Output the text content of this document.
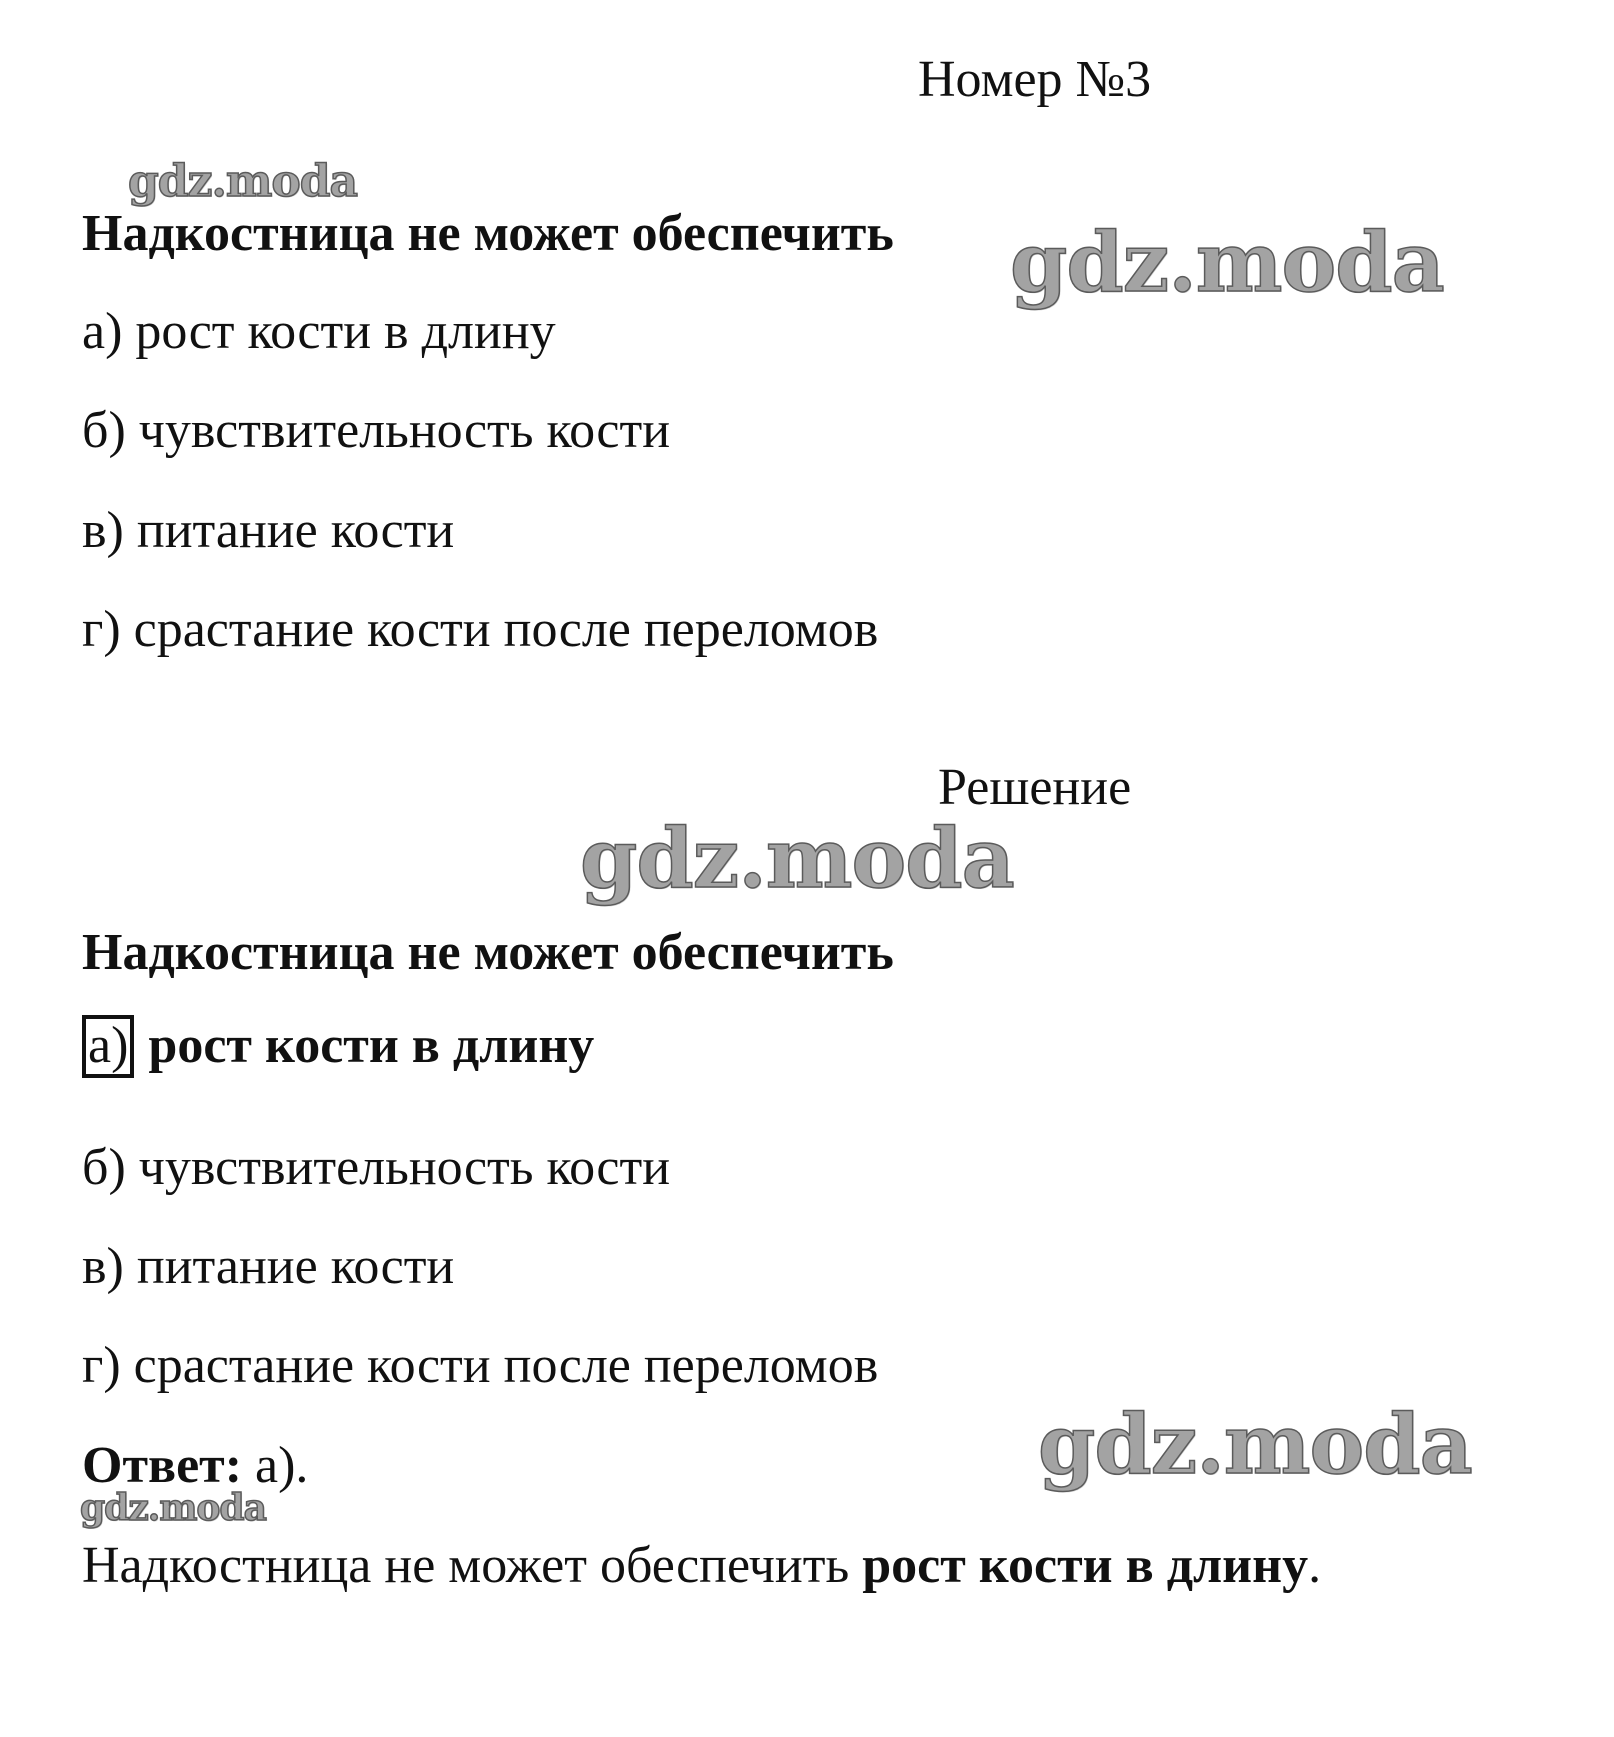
Номер №3
gdz.moda
gdz.moda
gdz.moda
gdz.moda
gdz.moda
Надкостница не может обеспечить
а) рост кости в длину
б) чувствительность кости
в) питание кости
г) срастание кости после переломов
Решение
Надкостница не может обеспечить
а) рост кости в длину
б) чувствительность кости
в) питание кости
г) срастание кости после переломов
Ответ: а).
Надкостница не может обеспечить рост кости в длину.
